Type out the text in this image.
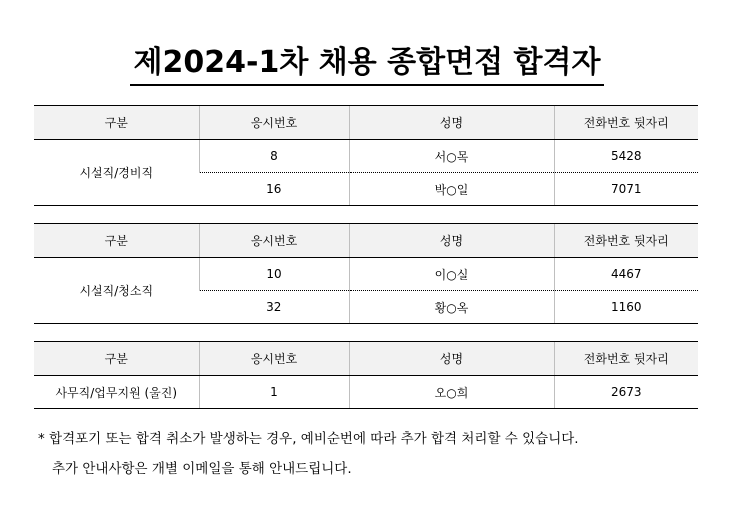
제2024-1차 채용 종합면접 합격자
구분	응시번호	성명	전화번호 뒷자리
시설직/경비직	8	서○목	5428
	16	박○일	7071
구분	응시번호	성명	전화번호 뒷자리
시설직/청소직	10	이○실	4467
	32	황○옥	1160
구분	응시번호	성명	전화번호 뒷자리
사무직/업무지원 (울진)	1	오○희	2673
* 합격포기 또는 합격 취소가 발생하는 경우, 예비순번에 따라 추가 합격 처리할 수 있습니다.
추가 안내사항은 개별 이메일을 통해 안내드립니다.
